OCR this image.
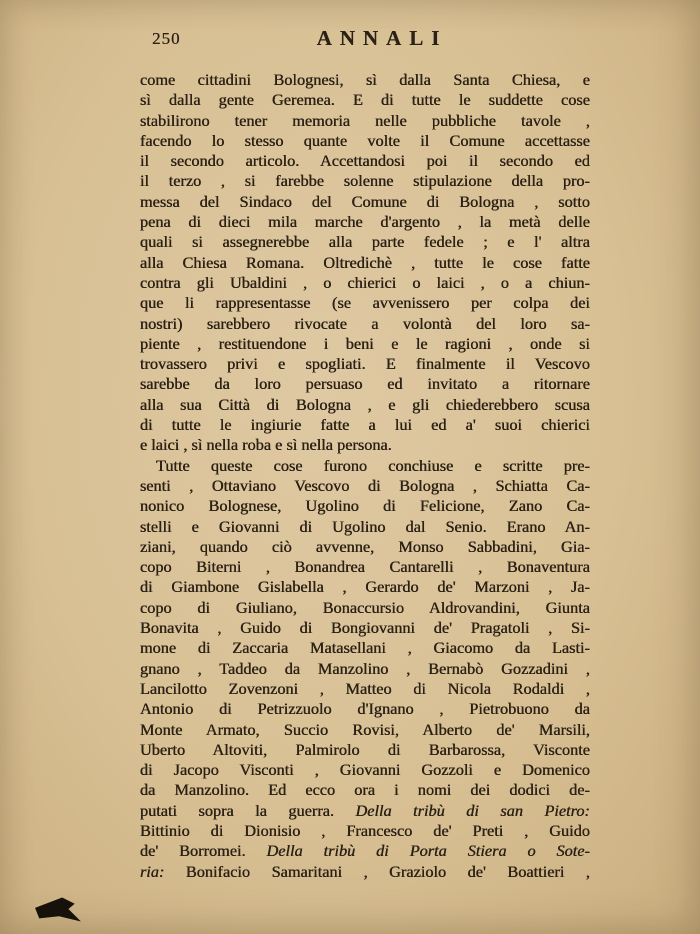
250	ANNALI
come cittadini Bolognesi, sì dalla Santa Chiesa, e
sì dalla gente Geremea. E di tutte le suddette cose
stabilirono tener memoria nelle pubbliche tavole ,
facendo lo stesso quante volte il Comune accettasse
il secondo articolo. Accettandosi poi il secondo ed
il terzo , si farebbe solenne stipulazione della pro-
messa del Sindaco del Comune di Bologna , sotto
pena di dieci mila marche d'argento , la metà delle
quali si assegnerebbe alla parte fedele ; e l' altra
alla Chiesa Romana. Oltredichè , tutte le cose fatte
contra gli Ubaldini , o chierici o laici , o a chiun-
que li rappresentasse (se avvenissero per colpa dei
nostri) sarebbero rivocate a volontà del loro sa-
piente , restituendone i beni e le ragioni , onde si
trovassero privi e spogliati. E finalmente il Vescovo
sarebbe da loro persuaso ed invitato a ritornare
alla sua Città di Bologna , e gli chiederebbero scusa
di tutte le ingiurie fatte a lui ed a' suoi chierici
e laici , sì nella roba e sì nella persona.
Tutte queste cose furono conchiuse e scritte pre-
senti , Ottaviano Vescovo di Bologna , Schiatta Ca-
nonico Bolognese, Ugolino di Felicione, Zano Ca-
stelli e Giovanni di Ugolino dal Senio. Erano An-
ziani, quando ciò avvenne, Monso Sabbadini, Gia-
copo Biterni , Bonandrea Cantarelli , Bonaventura
di Giambone Gislabella , Gerardo de' Marzoni , Ja-
copo di Giuliano, Bonaccursio Aldrovandini, Giunta
Bonavita , Guido di Bongiovanni de' Pragatoli , Si-
mone di Zaccaria Matasellani , Giacomo da Lasti-
gnano , Taddeo da Manzolino , Bernabò Gozzadini ,
Lancilotto Zovenzoni , Matteo di Nicola Rodaldi ,
Antonio di Petrizzuolo d'Ignano , Pietrobuono da
Monte Armato, Succio Rovisi, Alberto de' Marsili,
Uberto Altoviti, Palmirolo di Barbarossa, Visconte
di Jacopo Visconti , Giovanni Gozzoli e Domenico
da Manzolino. Ed ecco ora i nomi dei dodici de-
putati sopra la guerra. Della tribù di san Pietro:
Bittinio di Dionisio , Francesco de' Preti , Guido
de' Borromei. Della tribù di Porta Stiera o Sote-
ria: Bonifacio Samaritani , Graziolo de' Boattieri ,
